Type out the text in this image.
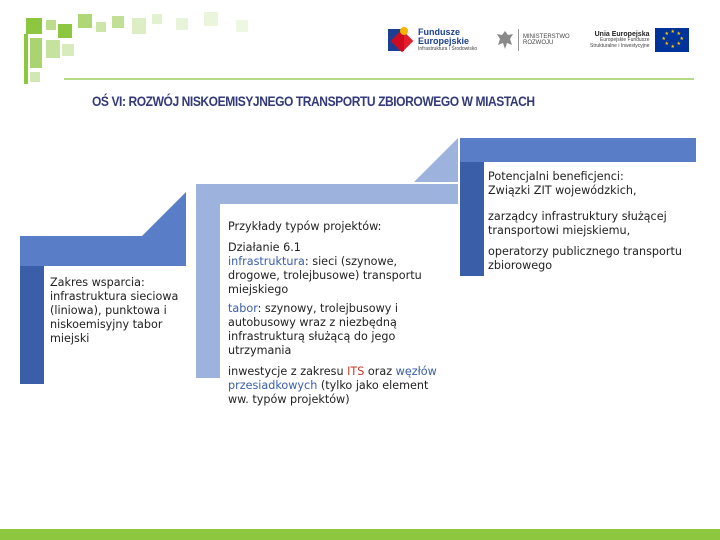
Fundusze
Europejskie
Infrastruktura i Środowisko
MINISTERSTWO
ROZWOJU
Unia Europejska
Europejskie Fundusze
Strukturalne i Inwestycyjne
★ ★
★
★
★
★
★
★
OŚ VI: ROZWÓJ NISKOEMISYJNEGO TRANSPORTU ZBIOROWEGO W MIASTACH
Zakres wsparcia: infrastruktura sieciowa (liniowa), punktowa i niskoemisyjny tabor miejski
Przykłady typów projektów:
Działanie 6.1
infrastruktura: sieci (szynowe, drogowe, trolejbusowe) transportu miejskiego
tabor: szynowy, trolejbusowy i autobusowy wraz z niezbędną infrastrukturą służącą do jego utrzymania
inwestycje z zakresu ITS oraz węzłów przesiadkowych (tylko jako element ww. typów projektów)
Potencjalni beneficjenci:
Związki ZIT wojewódzkich,
zarządcy infrastruktury służącej transportowi miejskiemu,
operatorzy publicznego transportu zbiorowego
